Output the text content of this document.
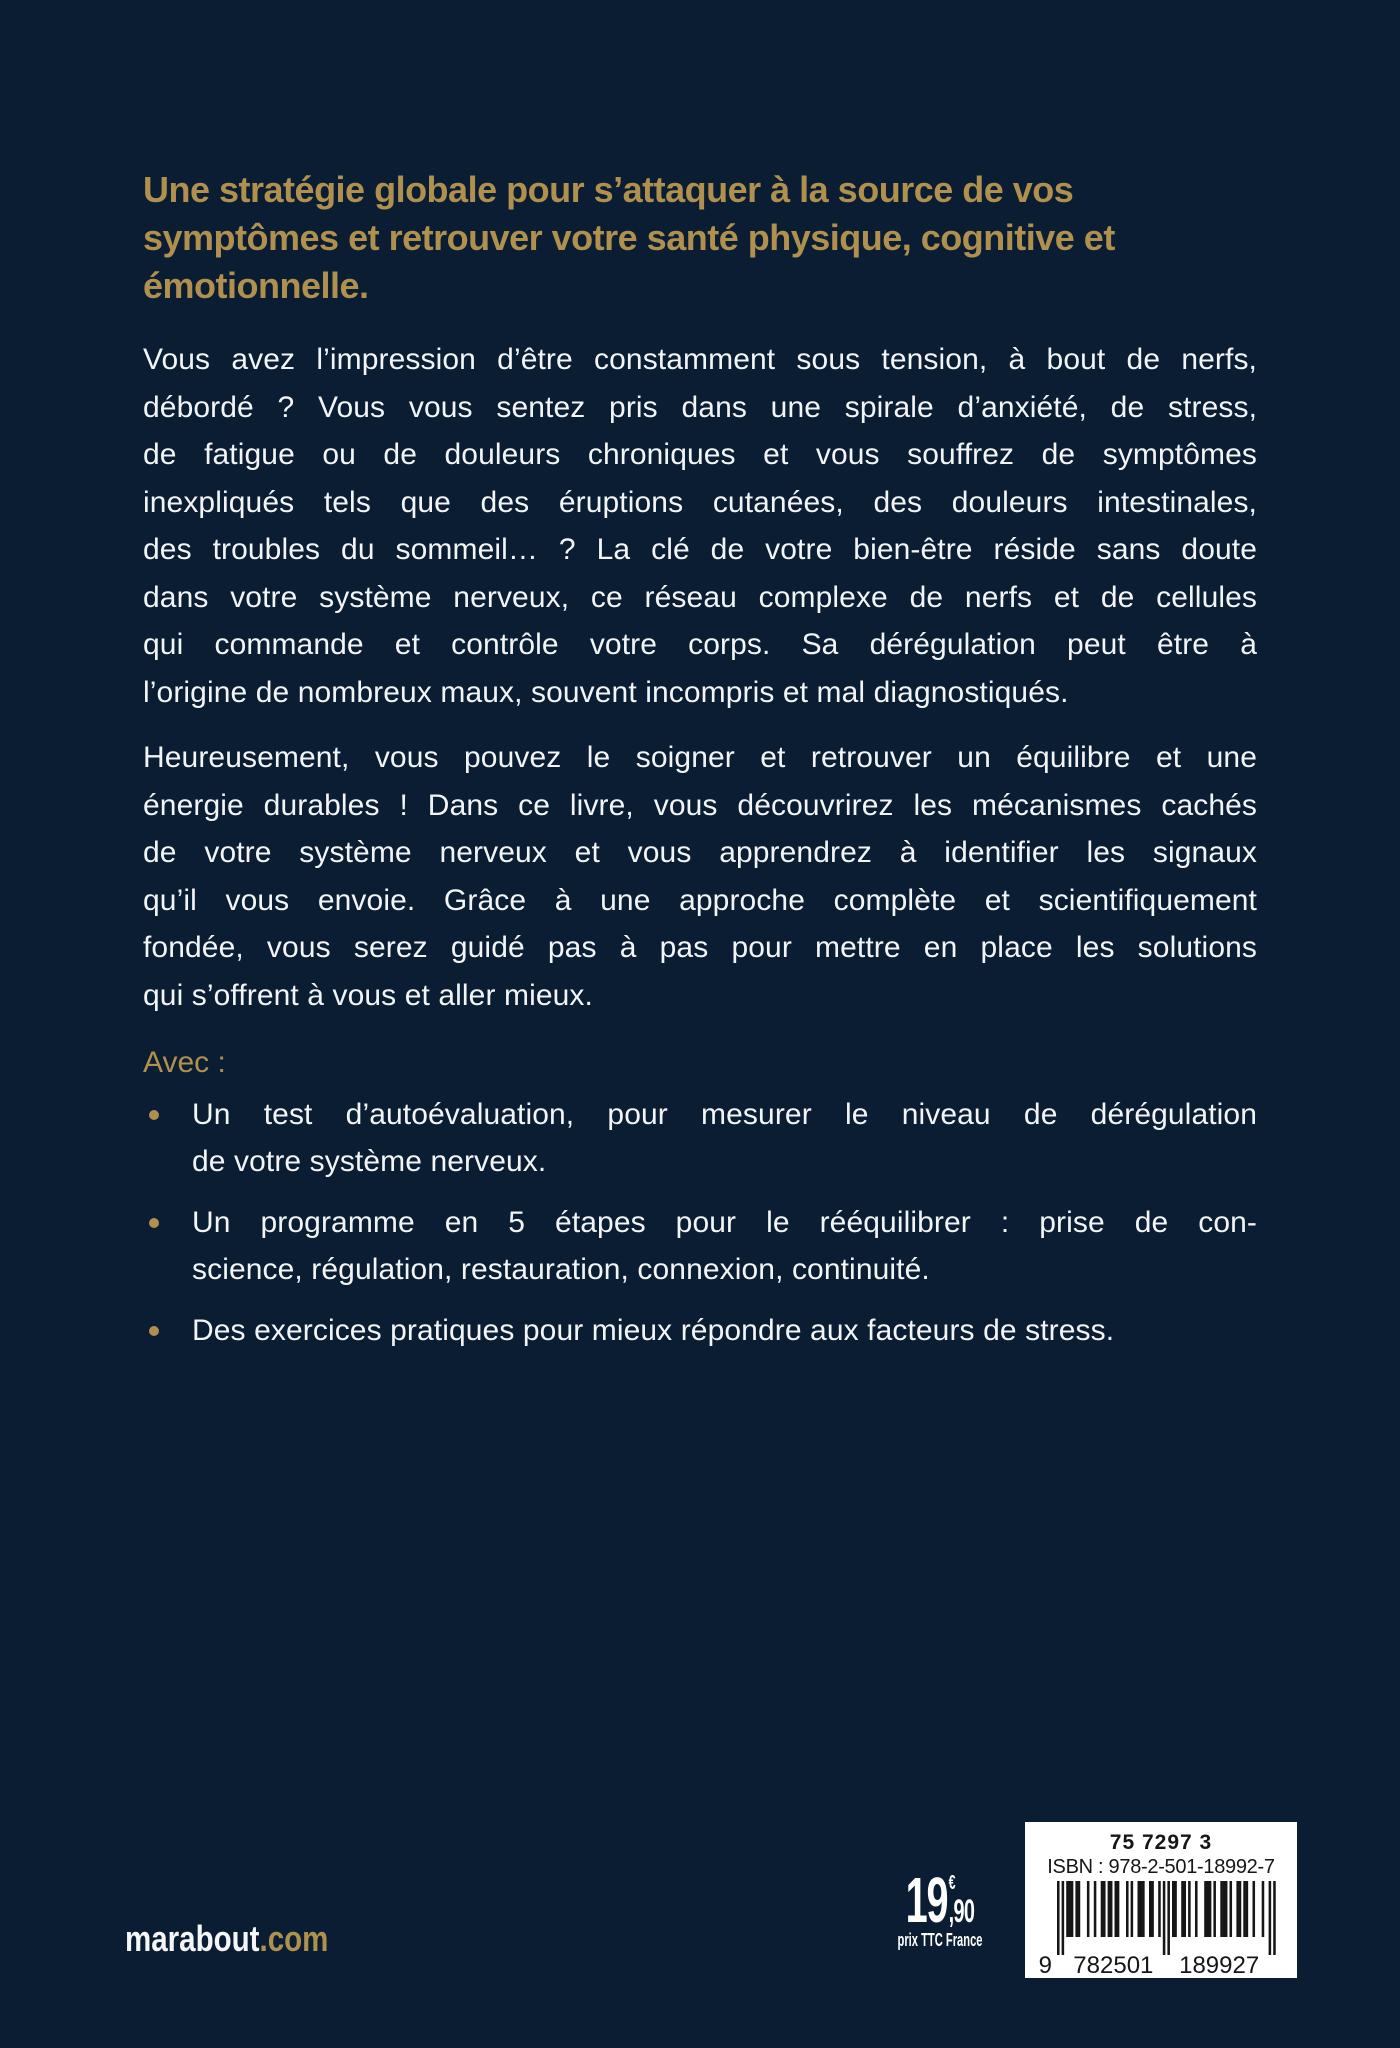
Une stratégie globale pour s’attaquer à la source de vos
symptômes et retrouver votre santé physique, cognitive et
émotionnelle.

Vous avez l’impression d’être constamment sous tension, à bout de nerfs,
débordé ? Vous vous sentez pris dans une spirale d’anxiété, de stress,
de fatigue ou de douleurs chroniques et vous souffrez de symptômes
inexpliqués tels que des éruptions cutanées, des douleurs intestinales,
des troubles du sommeil… ? La clé de votre bien-être réside sans doute
dans votre système nerveux, ce réseau complexe de nerfs et de cellules
qui commande et contrôle votre corps. Sa dérégulation peut être à
l’origine de nombreux maux, souvent incompris et mal diagnostiqués.

Heureusement, vous pouvez le soigner et retrouver un équilibre et une
énergie durables ! Dans ce livre, vous découvrirez les mécanismes cachés
de votre système nerveux et vous apprendrez à identifier les signaux
qu’il vous envoie. Grâce à une approche complète et scientifiquement
fondée, vous serez guidé pas à pas pour mettre en place les solutions
qui s’offrent à vous et aller mieux.

Avec :
Un test d’autoévaluation, pour mesurer le niveau de dérégulation
de votre système nerveux.
Un programme en 5 étapes pour le rééquilibrer : prise de con-
science, régulation, restauration, connexion, continuité.
Des exercices pratiques pour mieux répondre aux facteurs de stress.
marabout.com
19 €
,90
prix TTC France
75 7297 3
ISBN : 978-2-501-18992-7
9 782501 189927
